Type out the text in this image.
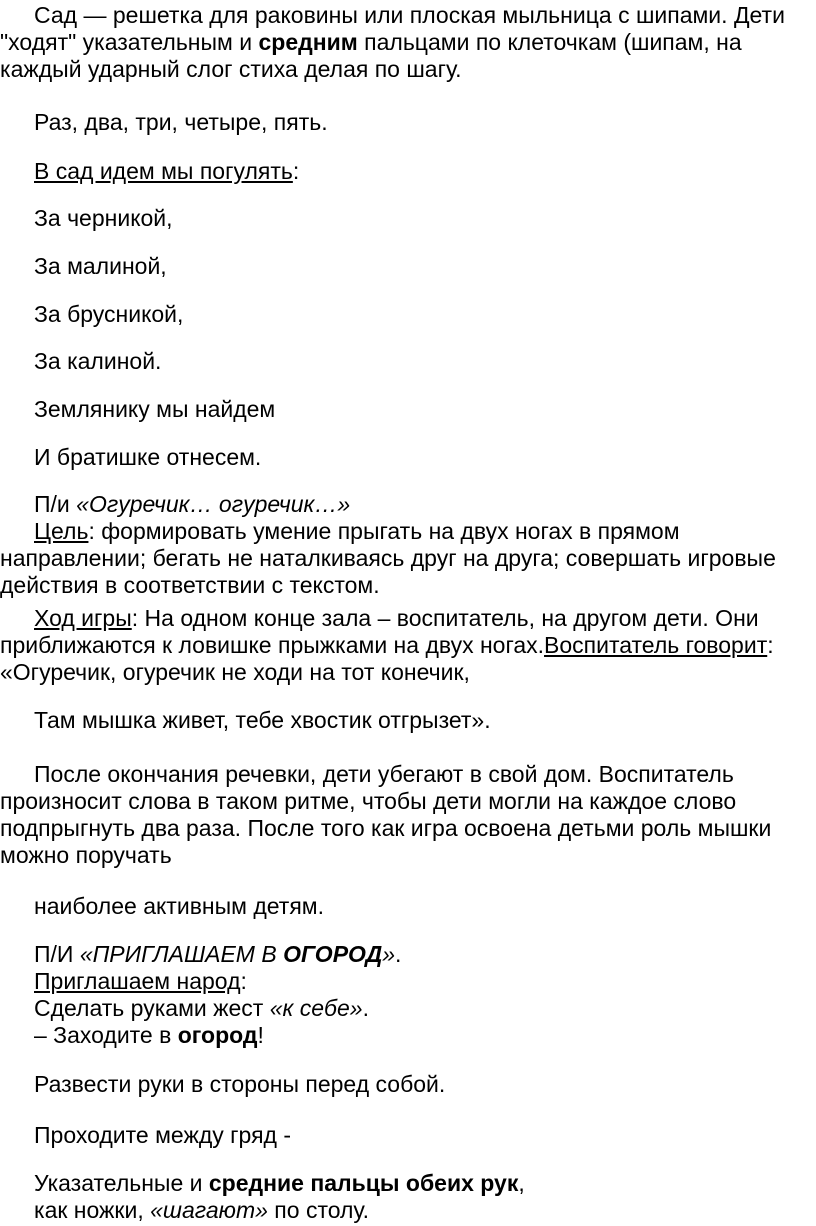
Сад — решетка для раковины или плоская мыльница с шипами. Дети "ходят" указательным и средним пальцами по клеточкам (шипам, на каждый ударный слог стиха делая по шагу.

Раз, два, три, четыре, пять.

В сад идем мы погулять:

За черникой,

За малиной,

За брусникой,

За калиной.

Землянику мы найдем

И братишке отнесем.

П/и «Огуречик… огуречик…»

Цель: формировать умение прыгать на двух ногах в прямом направлении; бегать не наталкиваясь друг на друга; совершать игровые действия в соответствии с текстом.

Ход игры: На одном конце зала – воспитатель, на другом дети. Они приближаются к ловишке прыжками на двух ногах.Воспитатель говорит: «Огуречик, огуречик не ходи на тот конечик,

Там мышка живет, тебе хвостик отгрызет».

После окончания речевки, дети убегают в свой дом. Воспитатель произносит слова в таком ритме, чтобы дети могли на каждое слово подпрыгнуть два раза. После того как игра освоена детьми роль мышки можно поручать

наиболее активным детям.

П/И «ПРИГЛАШАЕМ В ОГОРОД».

Приглашаем народ:

Сделать руками жест «к себе».

– Заходите в огород!

Развести руки в стороны перед собой.

Проходите между гряд -

Указательные и средние пальцы обеих рук,

как ножки, «шагают» по столу.
